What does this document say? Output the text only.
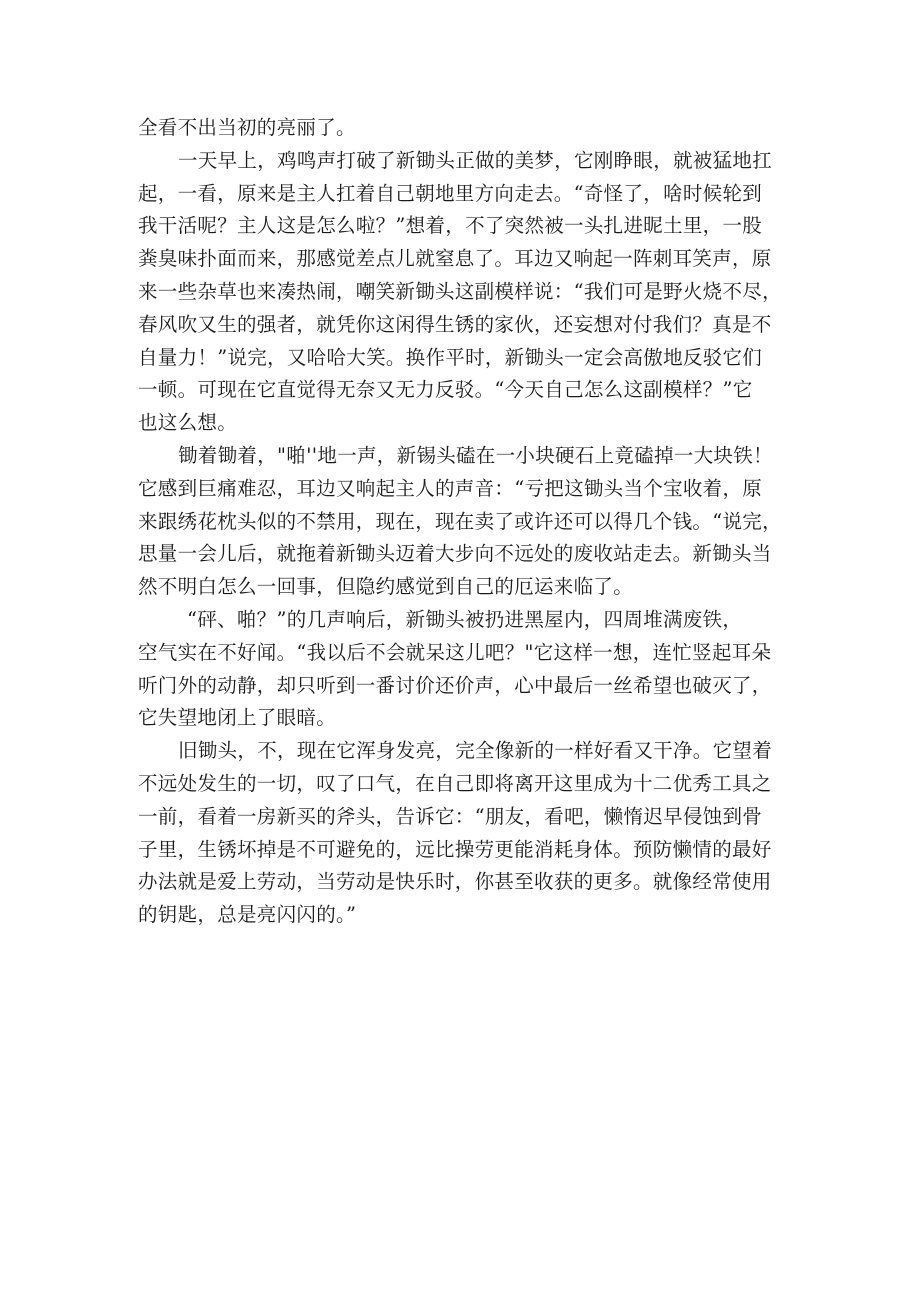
全看不出当初的亮丽了。
一天早上，鸡鸣声打破了新锄头正做的美梦，它刚睁眼，就被猛地扛
起，一看，原来是主人扛着自己朝地里方向走去。“奇怪了，啥时候轮到
我干活呢？主人这是怎么啦？”想着，不了突然被一头扎进昵土里，一股
粪臭味扑面而来，那感觉差点儿就窒息了。耳边又响起一阵刺耳笑声，原
来一些杂草也来凑热闹，嘲笑新锄头这副模样说：“我们可是野火烧不尽，
春风吹又生的强者，就凭你这闲得生锈的家伙，还妄想对付我们？真是不
自量力！”说完，又哈哈大笑。换作平时，新锄头一定会高傲地反驳它们
一顿。可现在它直觉得无奈又无力反驳。“今天自己怎么这副模样？”它
也这么想。
锄着锄着，"啪''地一声，新锡头磕在一小块硬石上竟磕掉一大块铁！
它感到巨痛难忍，耳边又响起主人的声音：“亏把这锄头当个宝收着，原
来跟绣花枕头似的不禁用，现在，现在卖了或许还可以得几个钱。“说完，
思量一会儿后，就拖着新锄头迈着大步向不远处的废收站走去。新锄头当
然不明白怎么一回事，但隐约感觉到自己的厄运来临了。
“砰、啪？”的几声响后，新锄头被扔进黑屋内，四周堆满废铁，
空气实在不好闻。“我以后不会就呆这儿吧？"它这样一想，连忙竖起耳朵
听门外的动静，却只听到一番讨价还价声，心中最后一丝希望也破灭了，
它失望地闭上了眼暗。
旧锄头，不，现在它浑身发亮，完全像新的一样好看又干净。它望着
不远处发生的一切，叹了口气，在自己即将离开这里成为十二优秀工具之
一前，看着一房新买的斧头，告诉它：“朋友，看吧，懒惰迟早侵蚀到骨
子里，生锈坏掉是不可避免的，远比操劳更能消耗身体。预防懒情的最好
办法就是爱上劳动，当劳动是快乐时，你甚至收获的更多。就像经常使用
的钥匙，总是亮闪闪的。”
